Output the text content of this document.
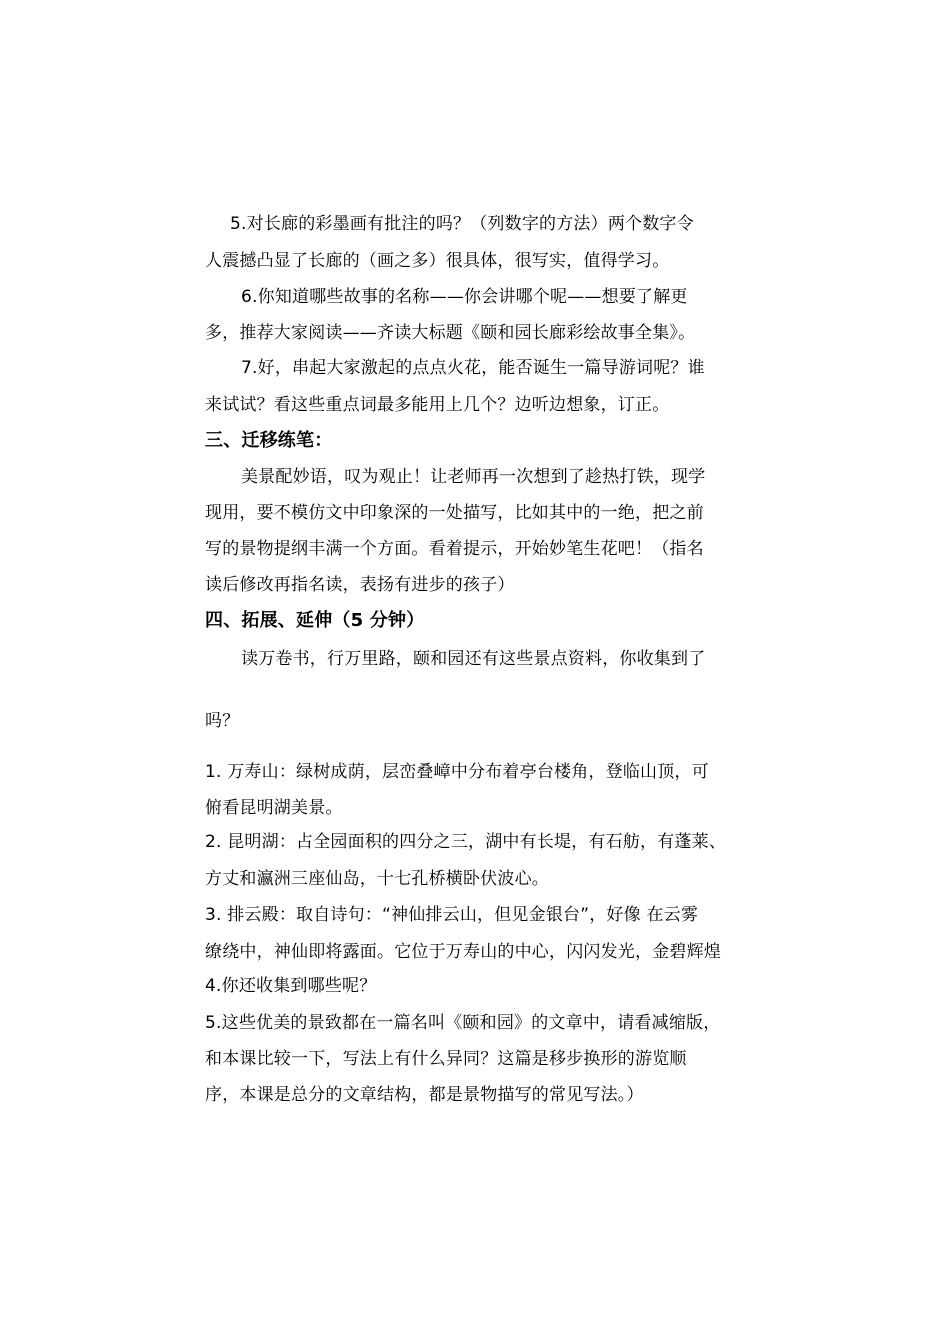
5.对长廊的彩墨画有批注的吗？（列数字的方法）两个数字令
人震撼凸显了长廊的（画之多）很具体，很写实，值得学习。
6.你知道哪些故事的名称——你会讲哪个呢——想要了解更
多，推荐大家阅读——齐读大标题《颐和园长廊彩绘故事全集》。
7.好，串起大家激起的点点火花，能否诞生一篇导游词呢？谁
来试试？看这些重点词最多能用上几个？边听边想象，订正。
三、迁移练笔：
美景配妙语，叹为观止！让老师再一次想到了趁热打铁，现学
现用，要不模仿文中印象深的一处描写，比如其中的一绝，把之前
写的景物提纲丰满一个方面。看着提示，开始妙笔生花吧！（指名
读后修改再指名读，表扬有进步的孩子）
四、拓展、延伸（5 分钟）
读万卷书，行万里路，颐和园还有这些景点资料，你收集到了
吗？
1. 万寿山：绿树成荫，层峦叠嶂中分布着亭台楼角，登临山顶，可
俯看昆明湖美景。
2. 昆明湖：占全园面积的四分之三，湖中有长堤，有石舫，有蓬莱、
方丈和瀛洲三座仙岛，十七孔桥横卧伏波心。
3. 排云殿：取自诗句：“神仙排云山，但见金银台”，好像 在云雾
缭绕中，神仙即将露面。它位于万寿山的中心，闪闪发光，金碧辉煌
4.你还收集到哪些呢？
5.这些优美的景致都在一篇名叫《颐和园》的文章中，请看减缩版，
和本课比较一下，写法上有什么异同？这篇是移步换形的游览顺
序，本课是总分的文章结构，都是景物描写的常见写法。）
